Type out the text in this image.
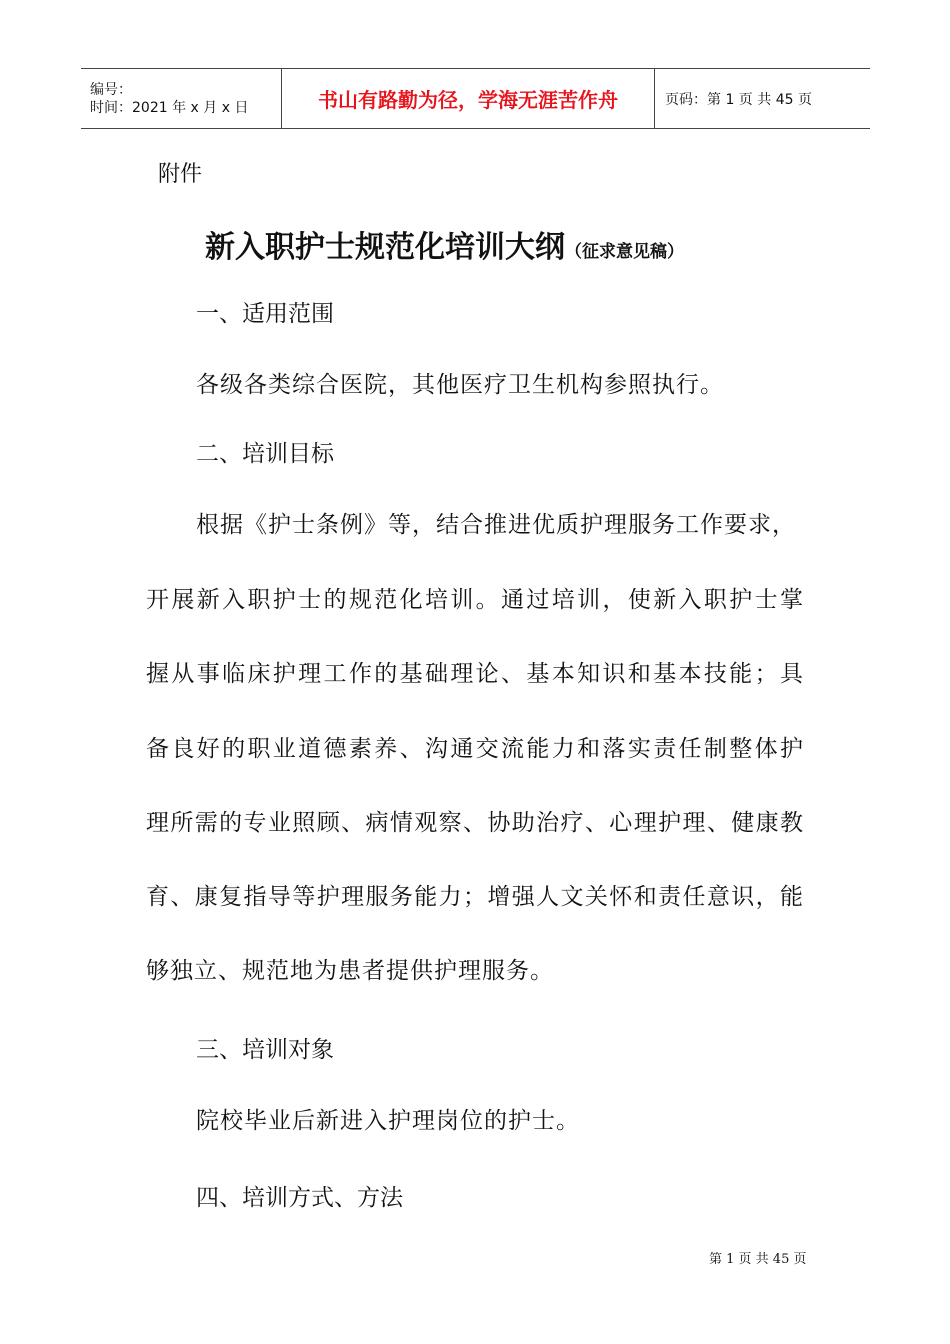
编号：
时间：2021 年 x 月 x 日	书山有路勤为径，学海无涯苦作舟	页码：第 1 页 共 45 页
附件
新入职护士规范化培训大纲（征求意见稿）
一、适用范围
各级各类综合医院，其他医疗卫生机构参照执行。
二、培训目标
根据《护士条例》等，结合推进优质护理服务工作要求，
开展新入职护士的规范化培训。通过培训，使新入职护士掌
握从事临床护理工作的基础理论、基本知识和基本技能；具
备良好的职业道德素养、沟通交流能力和落实责任制整体护
理所需的专业照顾、病情观察、协助治疗、心理护理、健康教
育、康复指导等护理服务能力；增强人文关怀和责任意识，能
够独立、规范地为患者提供护理服务。
三、培训对象
院校毕业后新进入护理岗位的护士。
四、培训方式、方法
第 1 页 共 45 页
